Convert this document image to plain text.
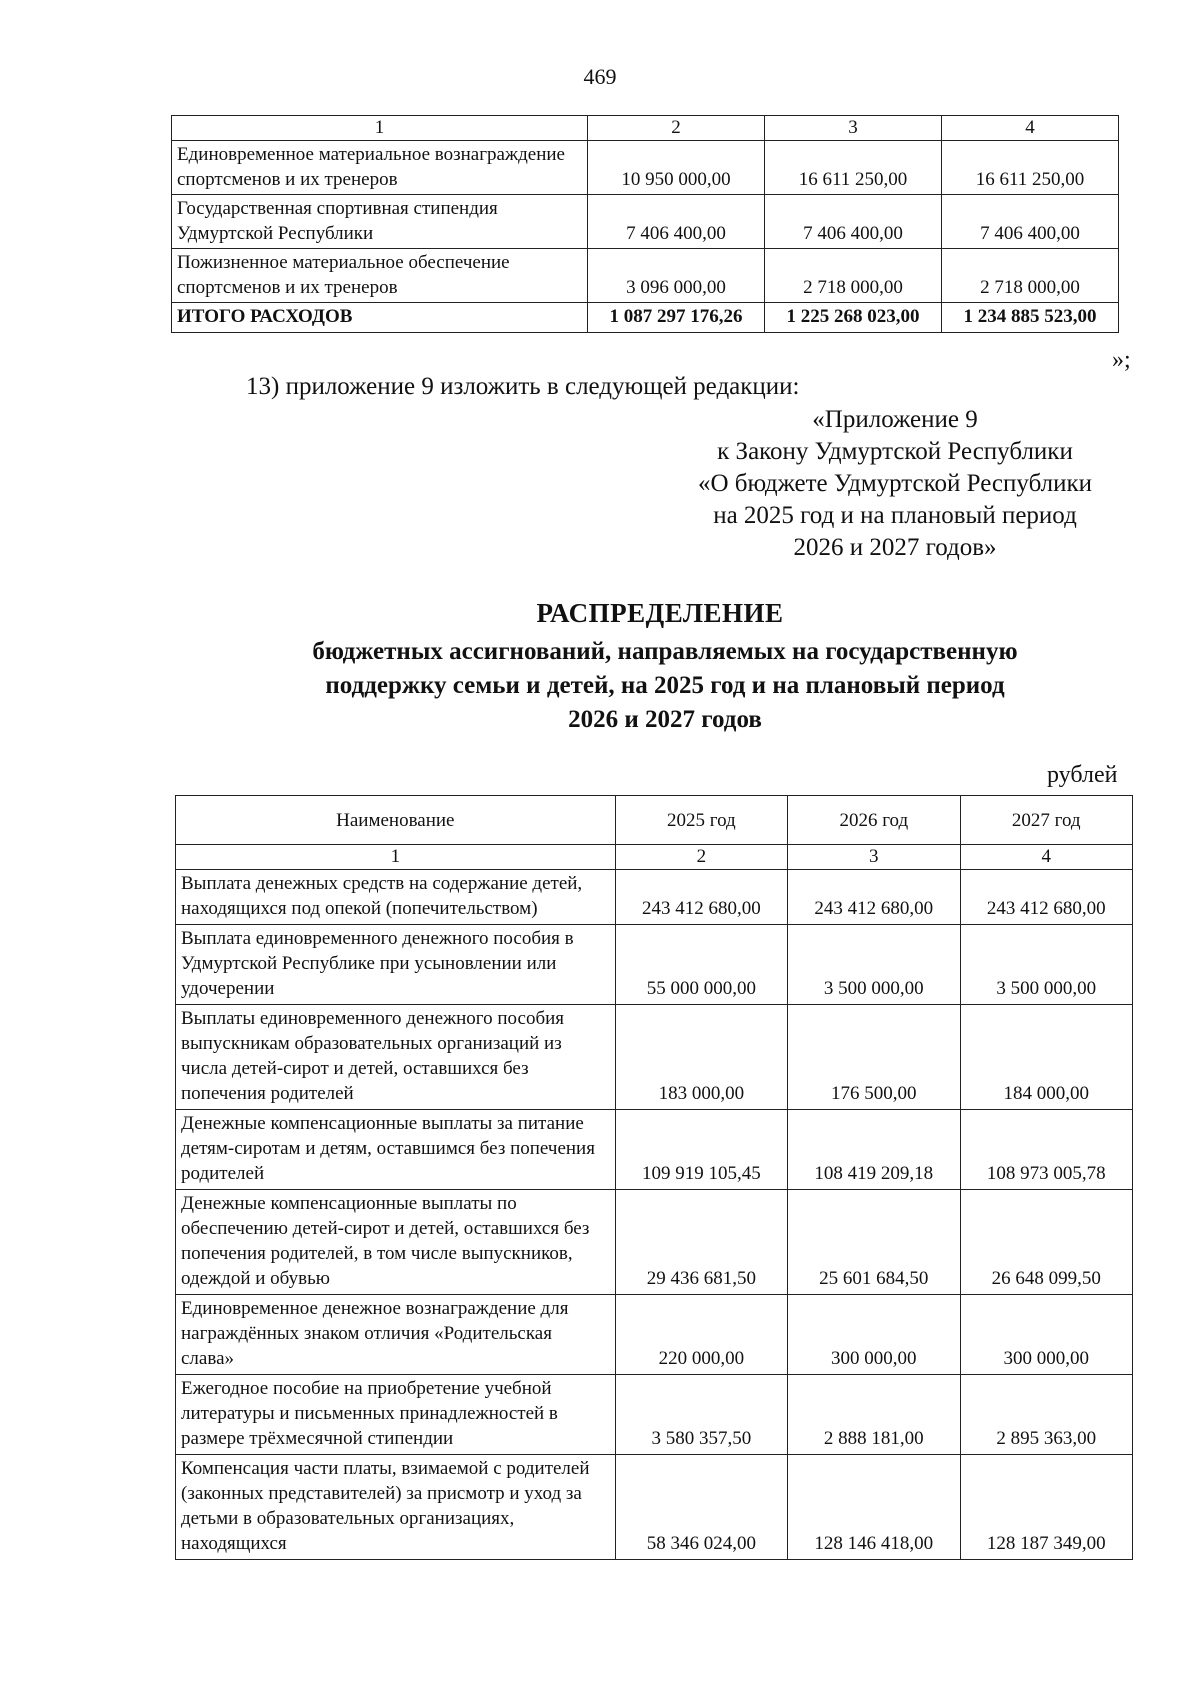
469
1	2	3	4
Единовременное материальное вознаграждение спортсменов и их тренеров	10 950 000,00	16 611 250,00	16 611 250,00
Государственная спортивная стипендия Удмуртской Республики	7 406 400,00	7 406 400,00	7 406 400,00
Пожизненное материальное обеспечение спортсменов и их тренеров	3 096 000,00	2 718 000,00	2 718 000,00
ИТОГО РАСХОДОВ	1 087 297 176,26	1 225 268 023,00	1 234 885 523,00
»;
13) приложение 9 изложить в следующей редакции:
«Приложение 9
к Закону Удмуртской Республики
«О бюджете Удмуртской Республики
на 2025 год и на плановый период
2026 и 2027 годов»
РАСПРЕДЕЛЕНИЕ
бюджетных ассигнований, направляемых на государственную
поддержку семьи и детей, на 2025 год и на плановый период
2026 и 2027 годов
рублей
Наименование	2025 год	2026 год	2027 год
1	2	3	4
Выплата денежных средств на содержание детей, находящихся под опекой (попечительством)	243 412 680,00	243 412 680,00	243 412 680,00
Выплата единовременного денежного пособия в Удмуртской Республике при усыновлении или удочерении	55 000 000,00	3 500 000,00	3 500 000,00
Выплаты единовременного денежного пособия выпускникам образовательных организаций из числа детей-сирот и детей, оставшихся без попечения родителей	183 000,00	176 500,00	184 000,00
Денежные компенсационные выплаты за питание детям-сиротам и детям, оставшимся без попечения родителей	109 919 105,45	108 419 209,18	108 973 005,78
Денежные компенсационные выплаты по обеспечению детей-сирот и детей, оставшихся без попечения родителей, в том числе выпускников, одеждой и обувью	29 436 681,50	25 601 684,50	26 648 099,50
Единовременное денежное вознаграждение для награждённых знаком отличия «Родительская слава»	220 000,00	300 000,00	300 000,00
Ежегодное пособие на приобретение учебной литературы и письменных принадлежностей в размере трёхмесячной стипендии	3 580 357,50	2 888 181,00	2 895 363,00
Компенсация части платы, взимаемой с родителей (законных представителей) за присмотр и уход за детьми в образовательных организациях, находящихся	58 346 024,00	128 146 418,00	128 187 349,00
